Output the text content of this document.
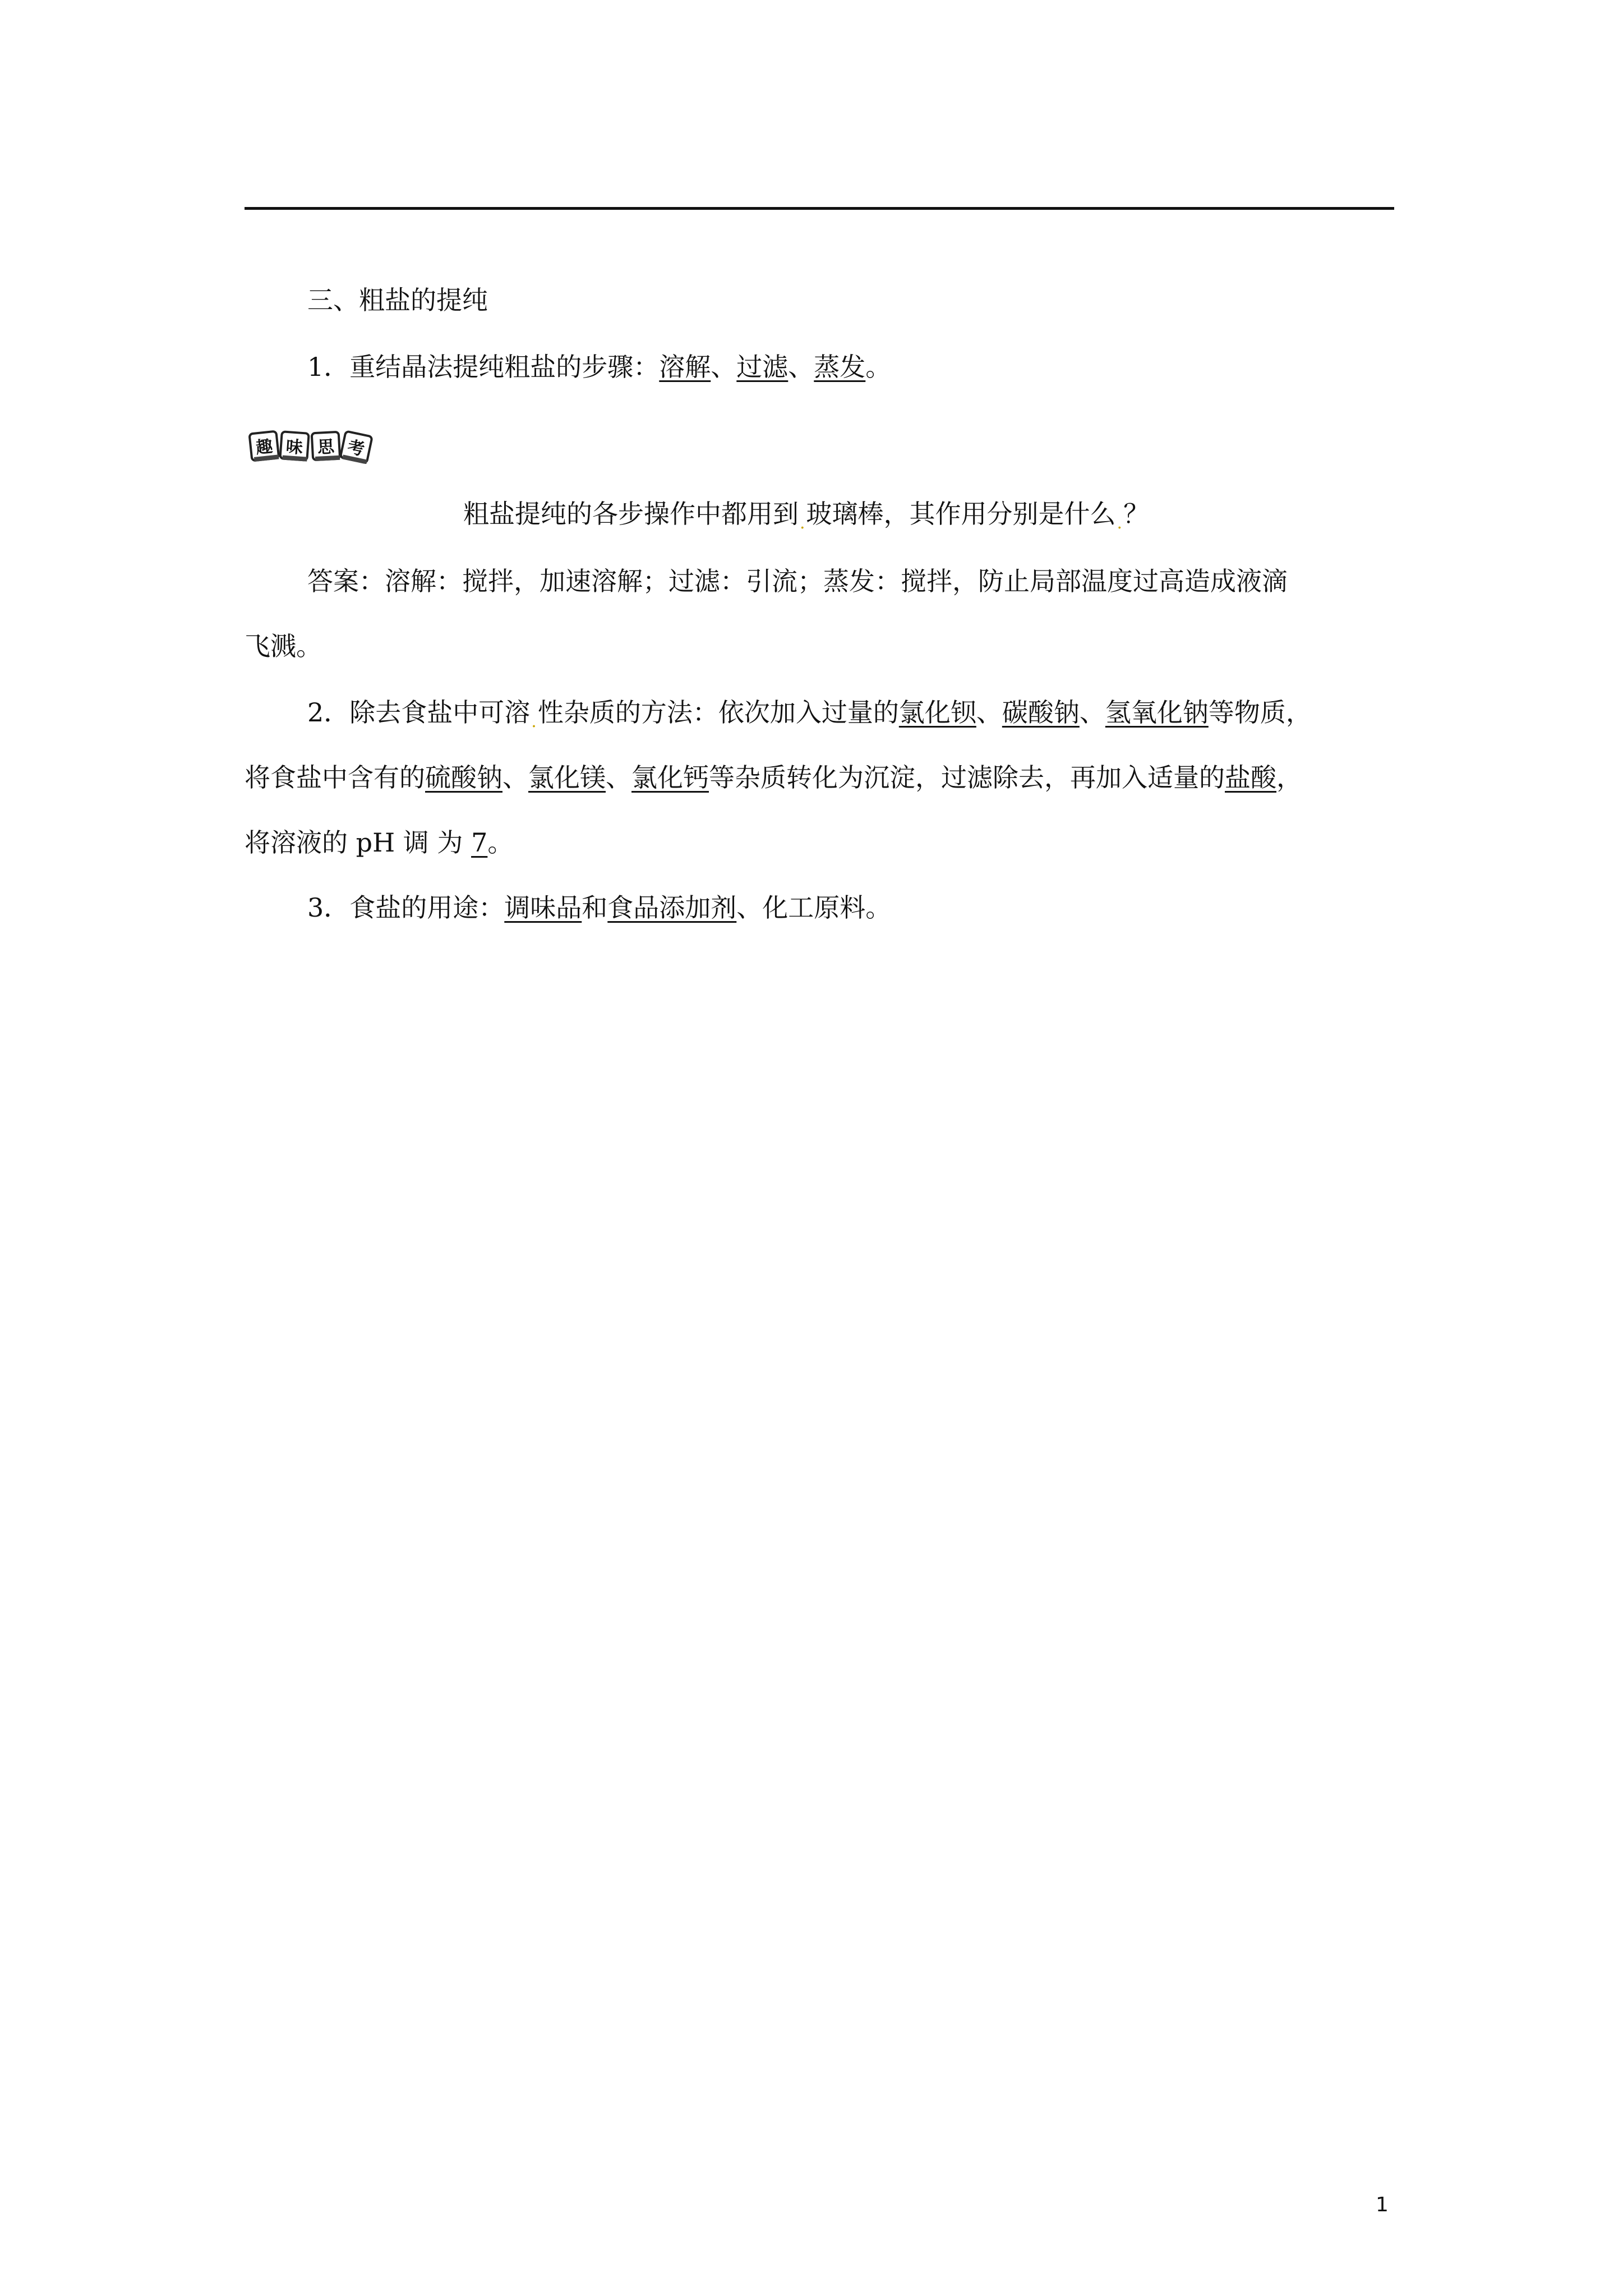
三、粗盐的提纯
1．重结晶法提纯粗盐的步骤：溶解、过滤、蒸发。
趣 味 思 考
粗盐提纯的各步操作中都用到$_.$玻璃棒，其作用分别是什么$_.$？
答案：溶解：搅拌，加速溶解；过滤：引流；蒸发：搅拌，防止局部温度过高造成液滴
飞溅。
2．除去食盐中可溶$_.$性杂质的方法：依次加入过量的氯化钡、碳酸钠、氢氧化钠等物质，
将食盐中含有的硫酸钠、氯化镁、氯化钙等杂质转化为沉淀，过滤除去，再加入适量的盐酸，
将溶液的 pH 调 为 7。
3．食盐的用途：调味品和食品添加剂、化工原料。
1
